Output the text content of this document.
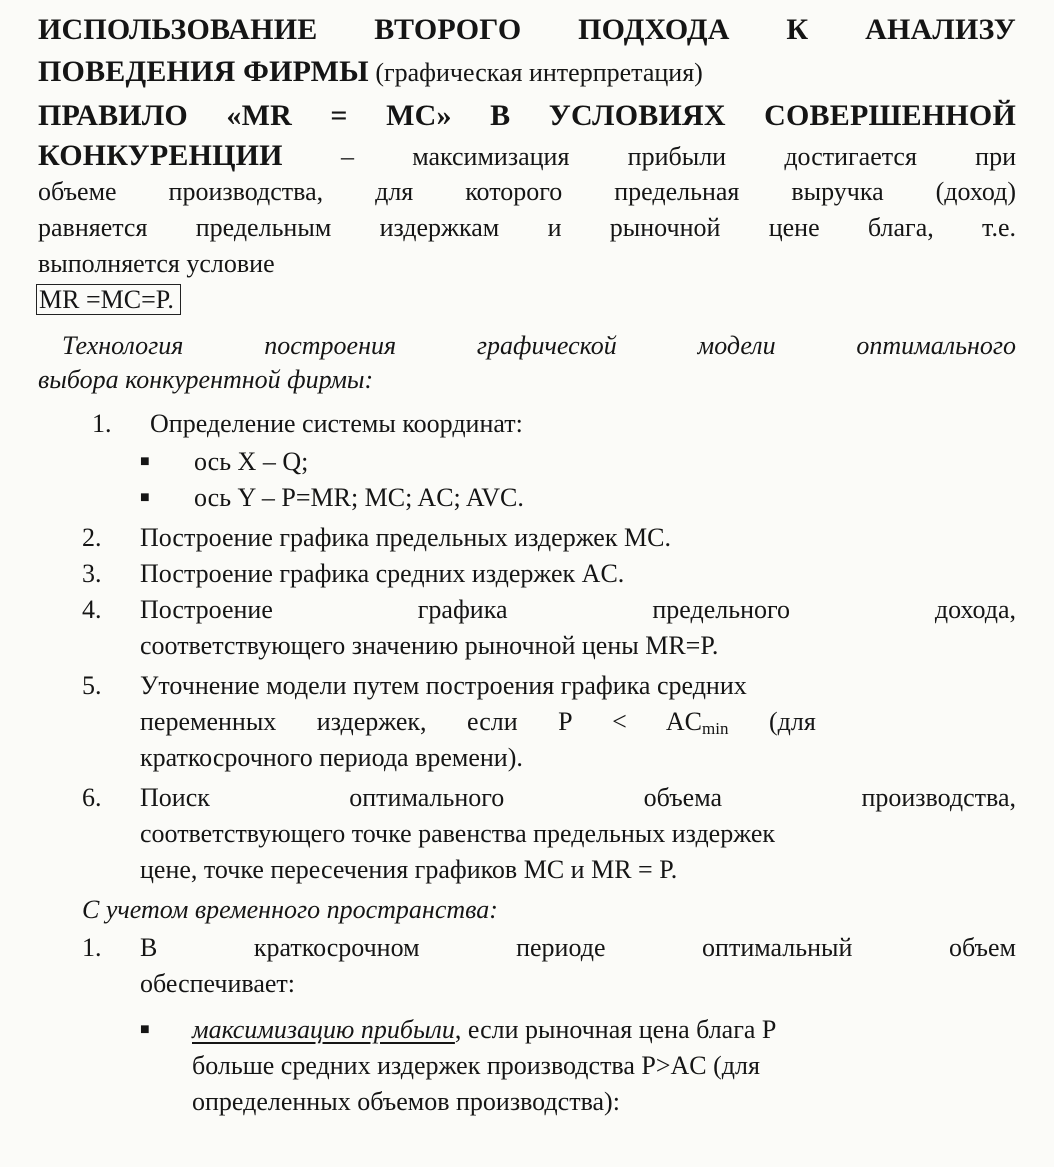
ИСПОЛЬЗОВАНИЕ ВТОРОГО ПОДХОДА К АНАЛИЗУ
ПОВЕДЕНИЯ ФИРМЫ (графическая интерпретация)
ПРАВИЛО «MR = MC» В УСЛОВИЯХ СОВЕРШЕННОЙ
КОНКУРЕНЦИИ – максимизация прибыли достигается при
объеме производства, для которого предельная выручка (доход)
равняется предельным издержкам и рыночной цене блага, т.е.
выполняется условие
MR =MC=P.
Технология построения графической модели оптимального
выбора конкурентной фирмы:
1. Определение системы координат:
■ ось X – Q;
■ ось Y – P=MR; MC; AC; AVC.
2. Построение графика предельных издержек MC.
3. Построение графика средних издержек AC.
4. Построение графика предельного дохода,
соответствующего значению рыночной цены MR=P.
5. Уточнение модели путем построения графика средних
переменных издержек, если $P < AC_{min}$ (для
краткосрочного периода времени).
6. Поиск оптимального объема производства,
соответствующего точке равенства предельных издержек
цене, точке пересечения графиков MC и MR = P.
С учетом временного пространства:
1. В краткосрочном периоде оптимальный объем
обеспечивает:
■ максимизацию прибыли, если рыночная цена блага P
больше средних издержек производства P>AC (для
определенных объемов производства):
